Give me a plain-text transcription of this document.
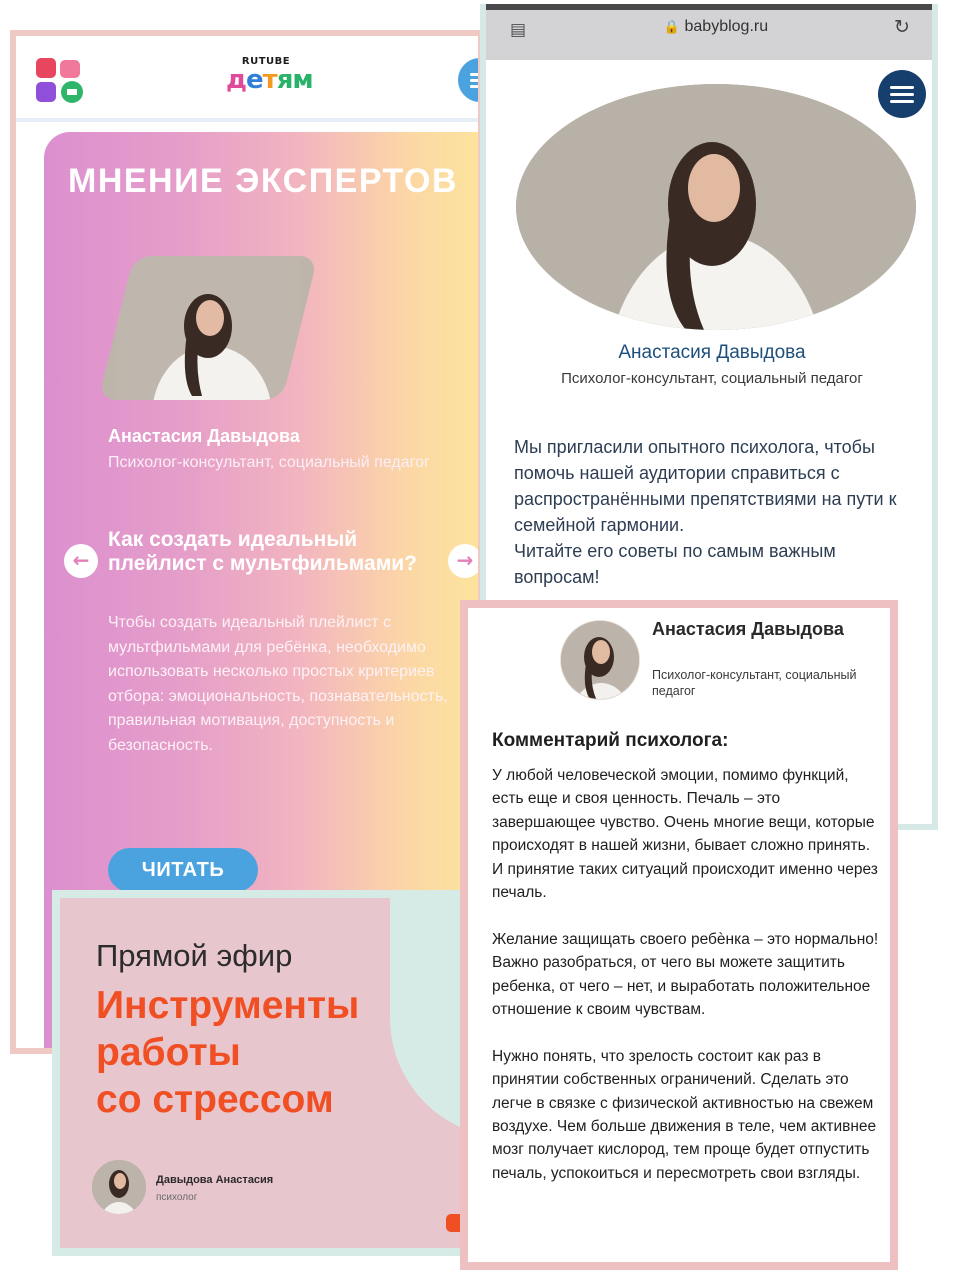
RUTUBE
детям
МНЕНИЕ ЭКСПЕРТОВ
Анастасия Давыдова
Психолог-консультант, социальный педагог
←	→
Как создать идеальный плейлист с мультфильмами?
Чтобы создать идеальный плейлист с мультфильмами для ребёнка, необходимо использовать несколько простых критериев отбора: эмоциональность, познавательность, правильная мотивация, доступность и безопасность.
ЧИТАТЬ
▤	🔒 babyblog.ru	↻
Анастасия Давыдова
Психолог-консультант, социальный педагог
Мы пригласили опытного психолога, чтобы помочь нашей аудитории справиться с распространёнными препятствиями на пути к семейной гармонии.
Читайте его советы по самым важным вопросам!
Прямой эфир
Инструменты
работы
со стрессом
Давыдова Анастасия
психолог
Анастасия Давыдова
Психолог-консультант, социальный педагог
Комментарий психолога:

У любой человеческой эмоции, помимо функций, есть еще и своя ценность. Печаль – это завершающее чувство. Очень многие вещи, которые происходят в нашей жизни, бывает сложно принять. И принятие таких ситуаций происходит именно через печаль.

Желание защищать своего ребѐнка – это нормально! Важно разобраться, от чего вы можете защитить ребенка, от чего – нет, и выработать положительное отношение к своим чувствам.

Нужно понять, что зрелость состоит как раз в принятии собственных ограничений. Сделать это легче в связке с физической активностью на свежем воздухе. Чем больше движения в теле, чем активнее мозг получает кислород, тем проще будет отпустить печаль, успокоиться и пересмотреть свои взгляды.
